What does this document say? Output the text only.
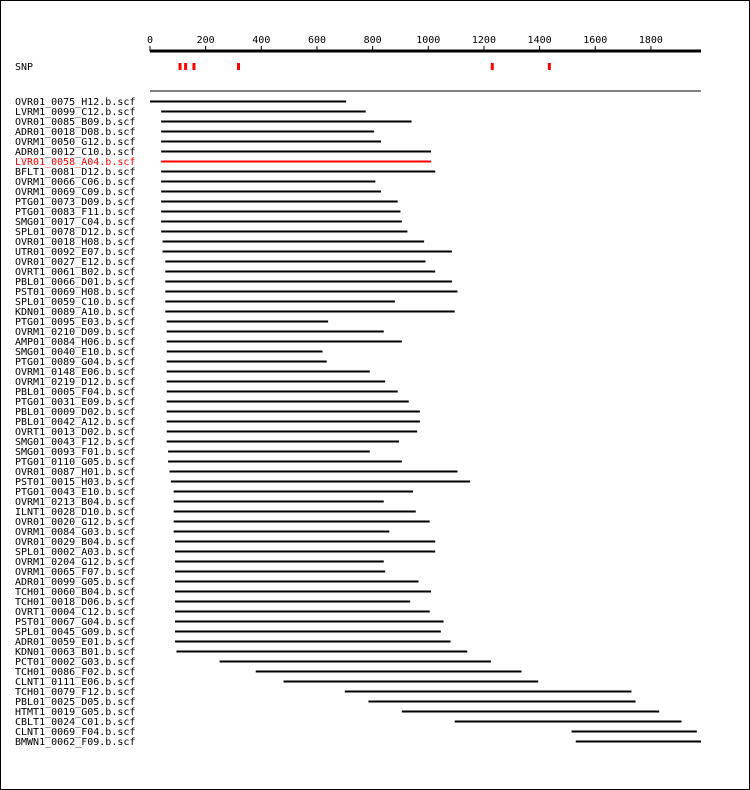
0	200	400	600	800	1000	1200	1400	1600	1800
SNP
OVR01_0075_H12.b.scf
LVRM1_0099_C12.b.scf
OVR01_0085_B09.b.scf
ADR01_0018_D08.b.scf
OVRM1_0050_G12.b.scf
ADR01_0012_C10.b.scf
LVR01_0058_A04.b.scf
BFLT1_0081_D12.b.scf
OVRM1_0066_C06.b.scf
OVRM1_0069_C09.b.scf
PTG01_0073_D09.b.scf
PTG01_0083_F11.b.scf
SMG01_0017_C04.b.scf
SPL01_0078_D12.b.scf
OVR01_0018_H08.b.scf
UTR01_0092_E07.b.scf
OVR01_0027_E12.b.scf
OVRT1_0061_B02.b.scf
PBL01_0066_D01.b.scf
PST01_0069_H08.b.scf
SPL01_0059_C10.b.scf
KDN01_0089_A10.b.scf
PTG01_0095_E03.b.scf
OVRM1_0210_D09.b.scf
AMP01_0084_H06.b.scf
SMG01_0040_E10.b.scf
PTG01_0089_G04.b.scf
OVRM1_0148_E06.b.scf
OVRM1_0219_D12.b.scf
PBL01_0005_F04.b.scf
PTG01_0031_E09.b.scf
PBL01_0009_D02.b.scf
PBL01_0042_A12.b.scf
OVRT1_0013_D02.b.scf
SMG01_0043_F12.b.scf
SMG01_0093_F01.b.scf
PTG01_0110_G05.b.scf
OVR01_0087_H01.b.scf
PST01_0015_H03.b.scf
PTG01_0043_E10.b.scf
OVRM1_0213_B04.b.scf
ILNT1_0028_D10.b.scf
OVR01_0020_G12.b.scf
OVRM1_0084_G03.b.scf
OVR01_0029_B04.b.scf
SPL01_0002_A03.b.scf
OVRM1_0204_G12.b.scf
OVRM1_0065_F07.b.scf
ADR01_0099_G05.b.scf
TCH01_0060_B04.b.scf
TCH01_0018_D06.b.scf
OVRT1_0004_C12.b.scf
PST01_0067_G04.b.scf
SPL01_0045_G09.b.scf
ADR01_0059_E01.b.scf
KDN01_0063_B01.b.scf
PCT01_0002_G03.b.scf
TCH01_0086_F02.b.scf
CLNT1_0111_E06.b.scf
TCH01_0079_F12.b.scf
PBL01_0025_D05.b.scf
HTMT1_0019_G05.b.scf
CBLT1_0024_C01.b.scf
CLNT1_0069_F04.b.scf
BMWN1_0062_F09.b.scf
